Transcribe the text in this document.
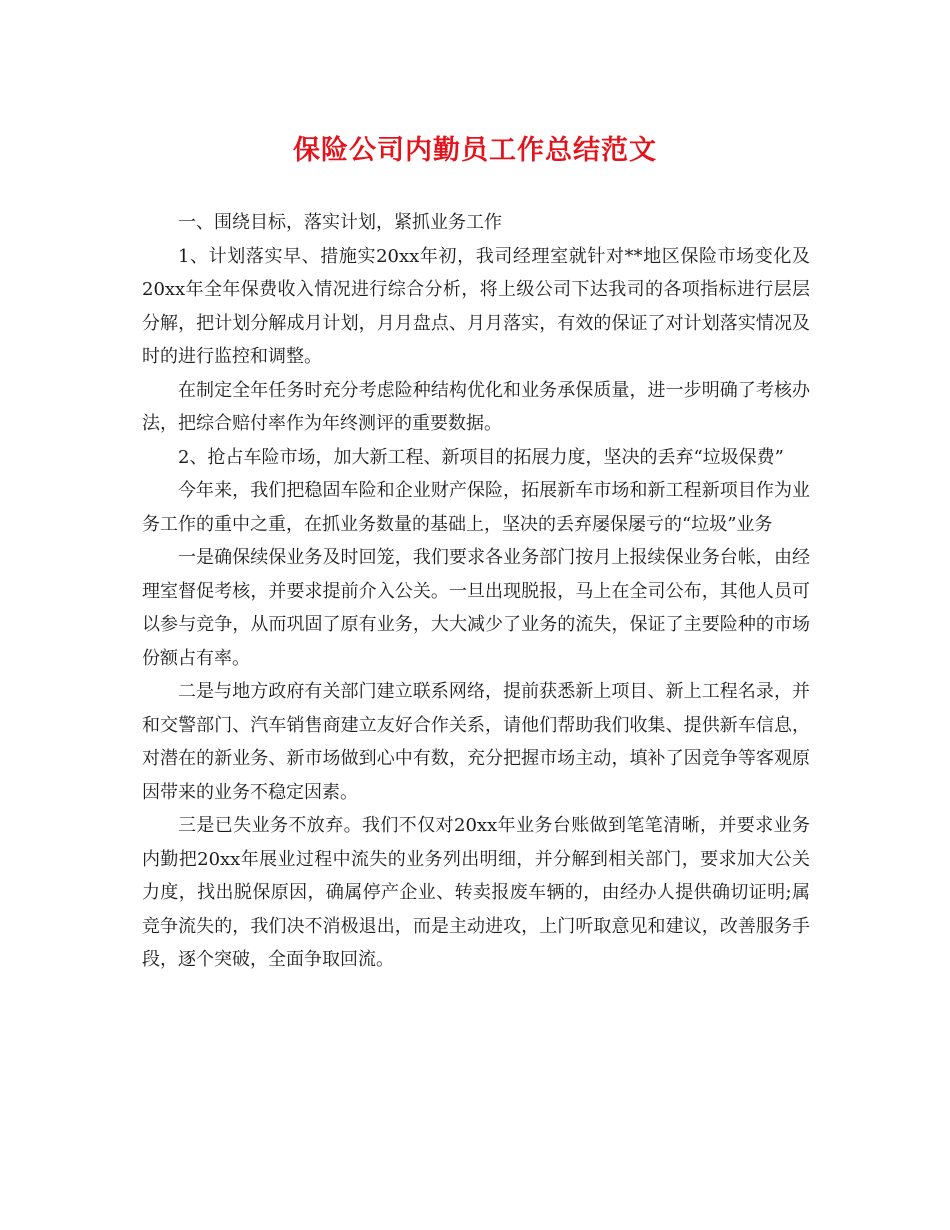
保险公司内勤员工作总结范文

一、围绕目标，落实计划，紧抓业务工作

1、计划落实早、措施实20xx年初，我司经理室就针对**地区保险市场变化及20xx年全年保费收入情况进行综合分析，将上级公司下达我司的各项指标进行层层分解，把计划分解成月计划，月月盘点、月月落实，有效的保证了对计划落实情况及时的进行监控和调整。

在制定全年任务时充分考虑险种结构优化和业务承保质量，进一步明确了考核办法，把综合赔付率作为年终测评的重要数据。

2、抢占车险市场，加大新工程、新项目的拓展力度，坚决的丢弃“垃圾保费”

今年来，我们把稳固车险和企业财产保险，拓展新车市场和新工程新项目作为业务工作的重中之重，在抓业务数量的基础上，坚决的丢弃屡保屡亏的“垃圾”业务

一是确保续保业务及时回笼，我们要求各业务部门按月上报续保业务台帐，由经理室督促考核，并要求提前介入公关。一旦出现脱报，马上在全司公布，其他人员可以参与竞争，从而巩固了原有业务，大大减少了业务的流失，保证了主要险种的市场份额占有率。

二是与地方政府有关部门建立联系网络，提前获悉新上项目、新上工程名录，并和交警部门、汽车销售商建立友好合作关系，请他们帮助我们收集、提供新车信息，对潜在的新业务、新市场做到心中有数，充分把握市场主动，填补了因竞争等客观原因带来的业务不稳定因素。

三是已失业务不放弃。我们不仅对20xx年业务台账做到笔笔清晰，并要求业务内勤把20xx年展业过程中流失的业务列出明细，并分解到相关部门，要求加大公关力度，找出脱保原因，确属停产企业、转卖报废车辆的，由经办人提供确切证明;属竞争流失的，我们决不消极退出，而是主动进攻，上门听取意见和建议，改善服务手段，逐个突破，全面争取回流。
